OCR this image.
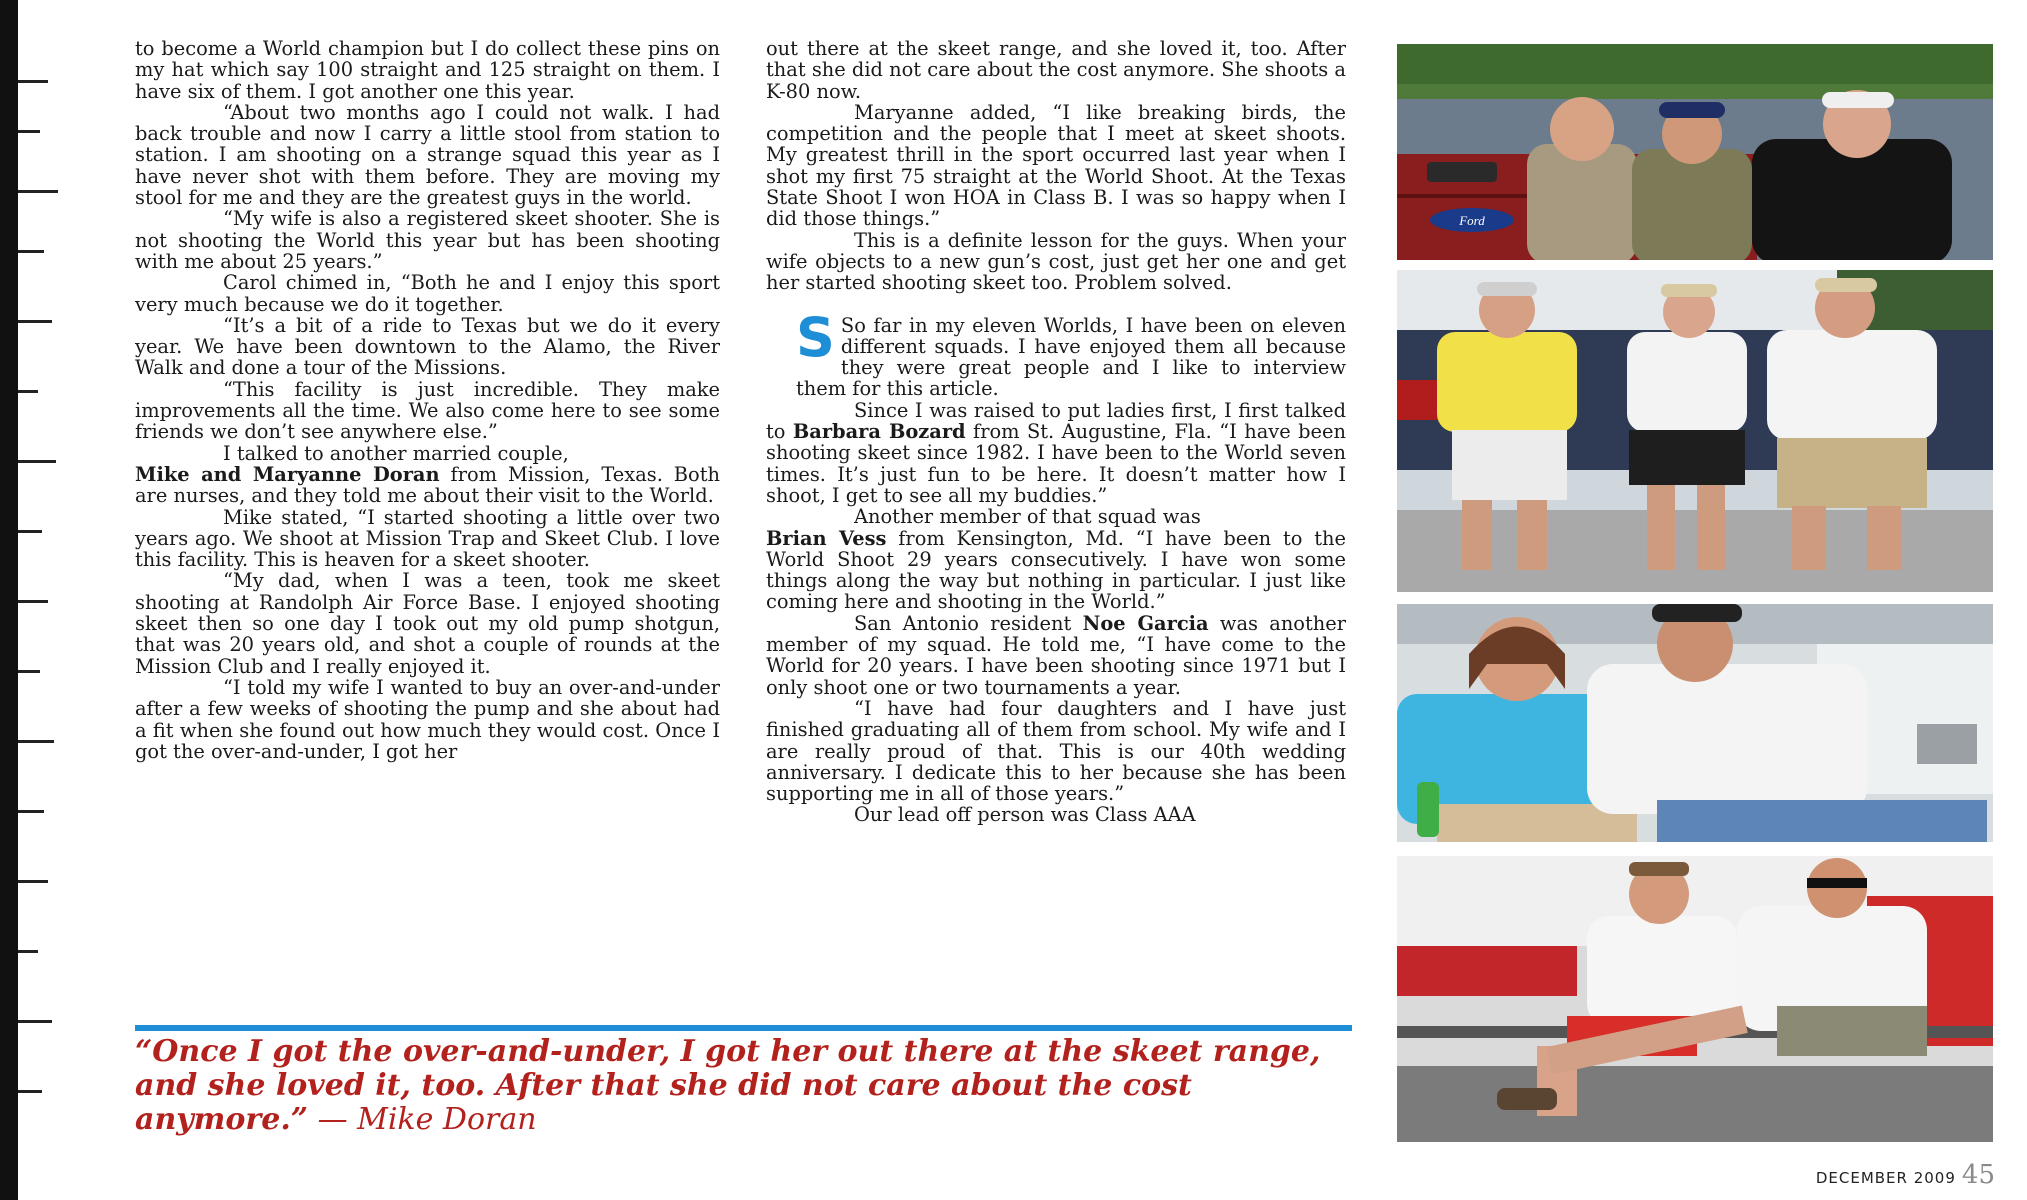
to become a World champion but I do collect these pins on my hat which say 100 straight and 125 straight on them. I have six of them. I got another one this year.

“About two months ago I could not walk. I had back trouble and now I carry a little stool from station to station. I am shooting on a strange squad this year as I have never shot with them before. They are moving my stool for me and they are the greatest guys in the world.

“My wife is also a registered skeet shooter. She is not shooting the World this year but has been shooting with me about 25 years.”

Carol chimed in, “Both he and I enjoy this sport very much because we do it together.

“It’s a bit of a ride to Texas but we do it every year. We have been downtown to the Alamo, the River Walk and done a tour of the Missions.

“This facility is just incredible. They make improvements all the time. We also come here to see some friends we don’t see anywhere else.”

I talked to another married couple,

Mike and Maryanne Doran from Mission, Texas. Both are nurses, and they told me about their visit to the World.

Mike stated, “I started shooting a little over two years ago. We shoot at Mission Trap and Skeet Club. I love this facility. This is heaven for a skeet shooter.

“My dad, when I was a teen, took me skeet shooting at Randolph Air Force Base. I enjoyed shooting skeet then so one day I took out my old pump shotgun, that was 20 years old, and shot a couple of rounds at the Mission Club and I really enjoyed it.

“I told my wife I wanted to buy an over-and-under after a few weeks of shooting the pump and she about had a fit when she found out how much they would cost. Once I got the over-and-under, I got her

out there at the skeet range, and she loved it, too. After that she did not care about the cost anymore. She shoots a K-80 now.

Maryanne added, “I like breaking birds, the competition and the people that I meet at skeet shoots. My greatest thrill in the sport occurred last year when I shot my first 75 straight at the World Shoot. At the Texas State Shoot I won HOA in Class B. I was so happy when I did those things.”

This is a definite lesson for the guys. When your wife objects to a new gun’s cost, just get her one and get her started shooting skeet too. Problem solved.

S So far in my eleven Worlds, I have been on eleven different squads. I have enjoyed them all because they were great people and I like to interview them for this article.

Since I was raised to put ladies first, I first talked to Barbara Bozard from St. Augustine, Fla. “I have been shooting skeet since 1982. I have been to the World seven times. It’s just fun to be here. It doesn’t matter how I shoot, I get to see all my buddies.”

Another member of that squad was

Brian Vess from Kensington, Md. “I have been to the World Shoot 29 years consecutively. I have won some things along the way but nothing in particular. I just like coming here and shooting in the World.”

San Antonio resident Noe Garcia was another member of my squad. He told me, “I have come to the World for 20 years. I have been shooting since 1971 but I only shoot one or two tournaments a year.

“I have had four daughters and I have just finished graduating all of them from school. My wife and I are really proud of that. This is our 40th wedding anniversary. I dedicate this to her because she has been supporting me in all of those years.”

Our lead off person was Class AAA

“Once I got the over-and-under, I got her out there at the skeet range, and she loved it, too. After that she did not care about the cost anymore.” — Mike Doran
Ford
DECEMBER 2009 45
